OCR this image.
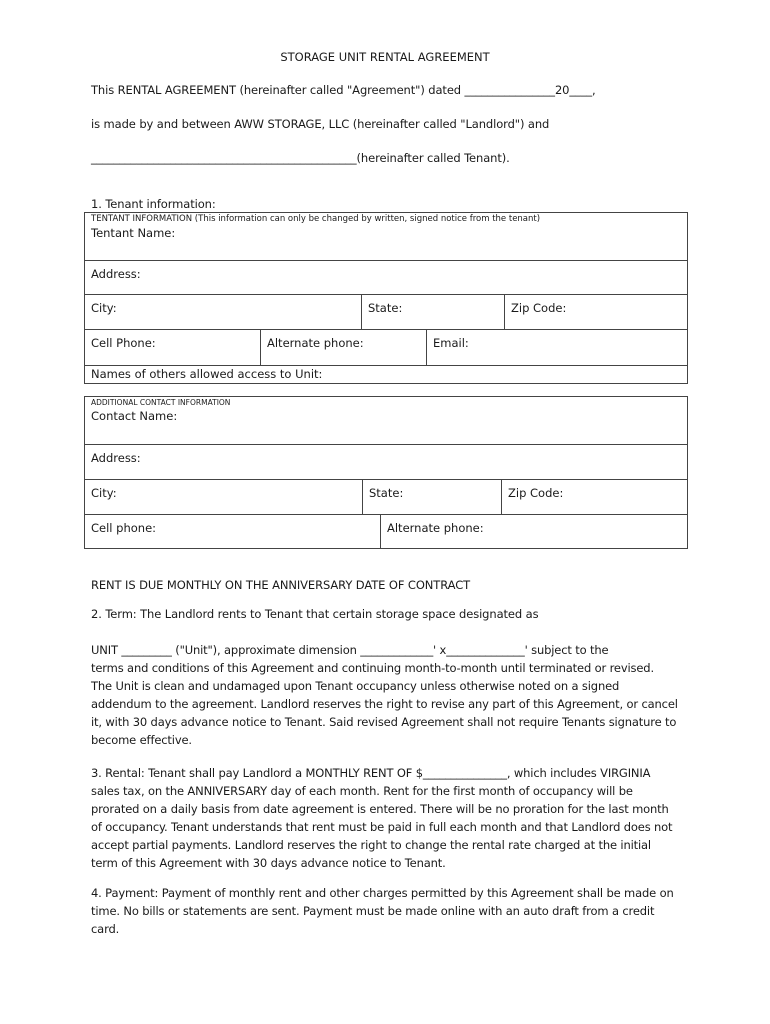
STORAGE UNIT RENTAL AGREEMENT
This RENTAL AGREEMENT (hereinafter called "Agreement") dated ________________20____,
is made by and between AWW STORAGE, LLC (hereinafter called "Landlord") and
_______________________________________________(hereinafter called Tenant).
1. Tenant information:
TENTANT INFORMATION (This information can only be changed by written, signed notice from the tenant)
Tentant Name:				

Address:				

City:		State:		Zip Code:

Cell Phone:	Alternate phone:		Email:	

Names of others allowed access to Unit:				
ADDITIONAL CONTACT INFORMATION
Contact Name:			

Address:			

City:	State:		Zip Code:

Cell phone:		Alternate phone:	
RENT IS DUE MONTHLY ON THE ANNIVERSARY DATE OF CONTRACT
2. Term: The Landlord rents to Tenant that certain storage space designated as

UNIT _________ ("Unit"), approximate dimension _____________' x______________' subject to the

terms and conditions of this Agreement and continuing month-to-month until terminated or revised.

The Unit is clean and undamaged upon Tenant occupancy unless otherwise noted on a signed

addendum to the agreement. Landlord reserves the right to revise any part of this Agreement, or cancel

it, with 30 days advance notice to Tenant. Said revised Agreement shall not require Tenants signature to

become effective.

3. Rental: Tenant shall pay Landlord a MONTHLY RENT OF $_______________, which includes VIRGINIA

sales tax, on the ANNIVERSARY day of each month. Rent for the first month of occupancy will be

prorated on a daily basis from date agreement is entered. There will be no proration for the last month

of occupancy. Tenant understands that rent must be paid in full each month and that Landlord does not

accept partial payments. Landlord reserves the right to change the rental rate charged at the initial

term of this Agreement with 30 days advance notice to Tenant.

4. Payment: Payment of monthly rent and other charges permitted by this Agreement shall be made on

time. No bills or statements are sent. Payment must be made online with an auto draft from a credit

card.
